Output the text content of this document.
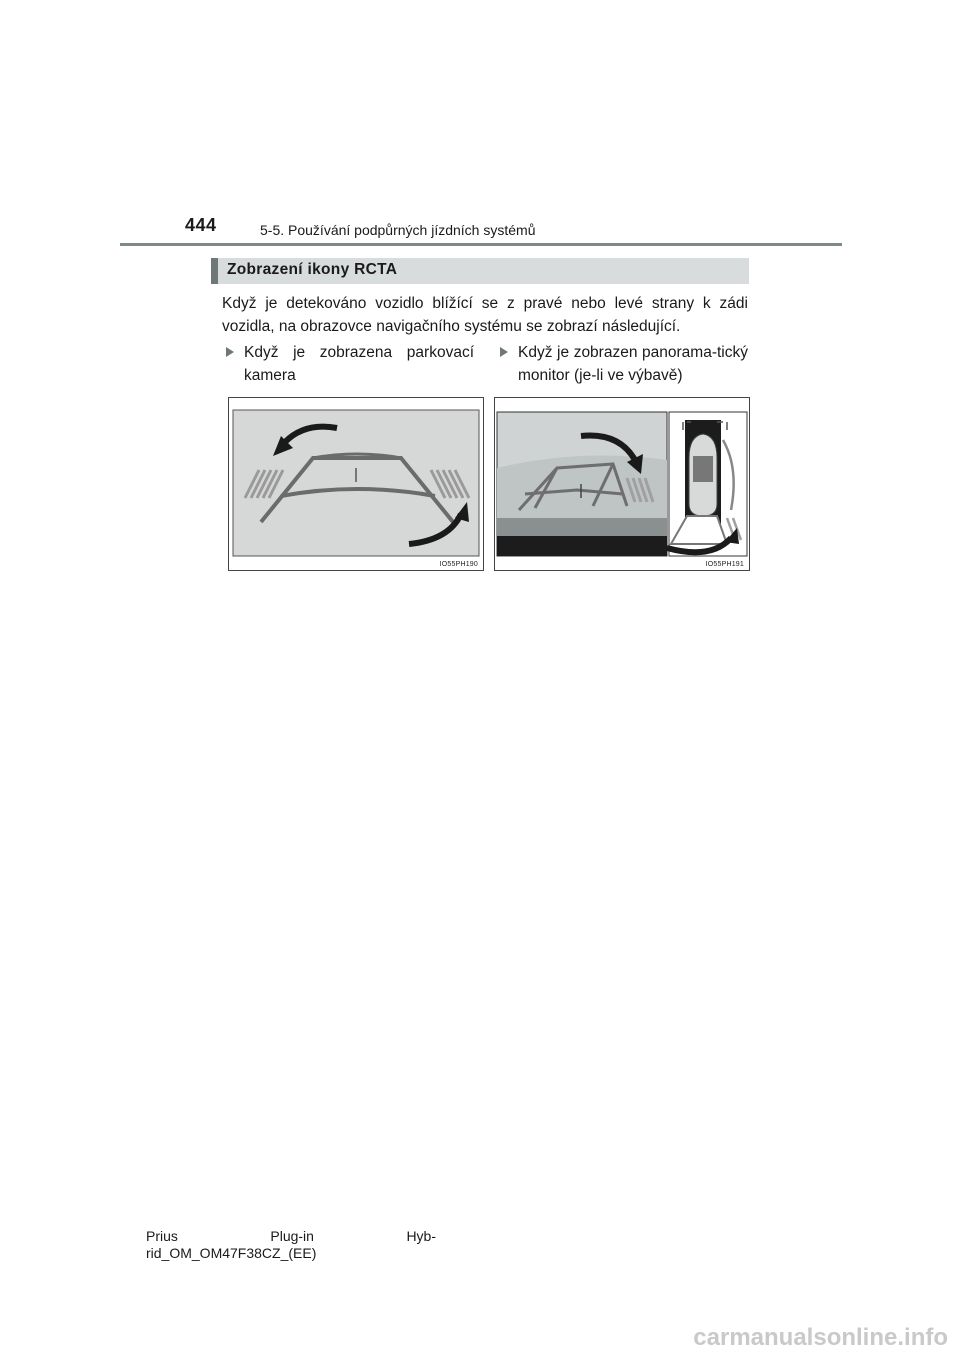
444	5-5. Používání podpůrných jízdních systémů
Zobrazení ikony RCTA
Když je detekováno vozidlo blížící se z pravé nebo levé strany k zádi vozidla, na obrazovce navigačního systému se zobrazí následující.
Když je zobrazena parkovací kamera
Když je zobrazen panorama-tický monitor (je-li ve výbavě)
IO55PH190	IO55PH191
Prius	Plug-in	Hyb-
rid_OM_OM47F38CZ_(EE)
carmanualsonline.info
